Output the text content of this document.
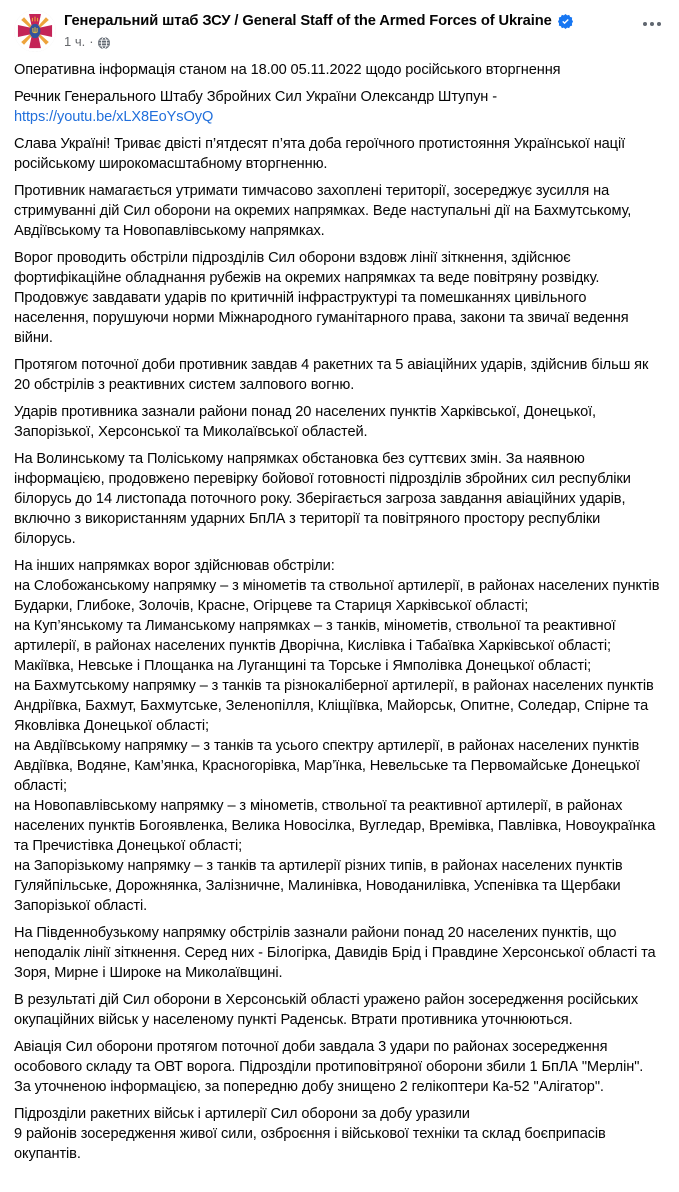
Генеральний штаб ЗСУ / General Staff of the Armed Forces of Ukraine
1 ч. ·

Оперативна інформація станом на 18.00 05.11.2022 щодо російського вторгнення

Речник Генерального Штабу Збройних Сил України Олександр Штупун - https://youtu.be/xLX8EoYsOyQ

Слава Україні! Триває двісті п’ятдесят п’ята доба героїчного протистояння Української нації російському широкомасштабному вторгненню.

Противник намагається утримати тимчасово захоплені території, зосереджує зусилля на стримуванні дій Сил оборони на окремих напрямках. Веде наступальні дії на Бахмутському, Авдіївському та Новопавлівському напрямках.

Ворог проводить обстріли підрозділів Сил оборони вздовж лінії зіткнення, здійснює фортифікаційне обладнання рубежів на окремих напрямках та веде повітряну розвідку. Продовжує завдавати ударів по критичній інфраструктурі та помешканнях цивільного населення, порушуючи норми Міжнародного гуманітарного права, закони та звичаї ведення війни.

Протягом поточної доби противник завдав 4 ракетних та 5 авіаційних ударів, здійснив більш як 20 обстрілів з реактивних систем залпового вогню.

Ударів противника зазнали райони понад 20 населених пунктів Харківської, Донецької, Запорізької, Херсонської та Миколаївської областей.

На Волинському та Поліському напрямках обстановка без суттєвих змін. За наявною інформацією, продовжено перевірку бойової готовності підрозділів збройних сил республіки білорусь до 14 листопада поточного року. Зберігається загроза завдання авіаційних ударів, включно з використанням ударних БпЛА з території та повітряного простору республіки білорусь.

На інших напрямках ворог здійснював обстріли:
на Слобожанському напрямку – з мінометів та ствольної артилерії, в районах населених пунктів Бударки, Глибоке, Золочів, Красне, Огірцеве та Стариця Харківської області;
на Куп’янському та Лиманському напрямках – з танків, мінометів, ствольної та реактивної артилерії, в районах населених пунктів Дворічна, Кислівка і Табаївка Харківської області; Макіївка, Невське і Площанка на Луганщині та Торське і Ямполівка Донецької області;
на Бахмутському напрямку – з танків та різнокаліберної артилерії, в районах населених пунктів Андріївка, Бахмут, Бахмутське, Зеленопілля, Кліщіївка, Майорськ, Опитне, Соледар, Спірне та Яковлівка Донецької області;
на Авдіївському напрямку – з танків та усього спектру артилерії, в районах населених пунктів Авдіївка, Водяне, Кам’янка, Красногорівка, Мар’їнка, Невельське та Первомайське Донецької області;
на Новопавлівському напрямку – з мінометів, ствольної та реактивної артилерії, в районах населених пунктів Богоявленка, Велика Новосілка, Вугледар, Времівка, Павлівка, Новоукраїнка та Пречистівка Донецької області;
на Запорізькому напрямку – з танків та артилерії різних типів, в районах населених пунктів Гуляйпільське, Дорожнянка, Залізничне, Малинівка, Новоданилівка, Успенівка та Щербаки Запорізької області.

На Південнобузькому напрямку обстрілів зазнали райони понад 20 населених пунктів, що неподалік лінії зіткнення. Серед них - Білогірка, Давидів Брід і Правдине Херсонської області та Зоря, Мирне і Широке на Миколаївщині.

В результаті дій Сил оборони в Херсонській області уражено район зосередження російських окупаційних військ у населеному пункті Раденськ. Втрати противника уточнюються.

Авіація Сил оборони протягом поточної доби завдала 3 удари по районах зосередження особового складу та ОВТ ворога. Підрозділи протиповітряної оборони збили 1 БпЛА "Мерлін". За уточненою інформацією, за попередню добу знищено 2 гелікоптери Ка-52 "Алігатор".

Підрозділи ракетних військ і артилерії Сил оборони за добу уразили
9 районів зосередження живої сили, озброєння і військової техніки та склад боєприпасів окупантів.
